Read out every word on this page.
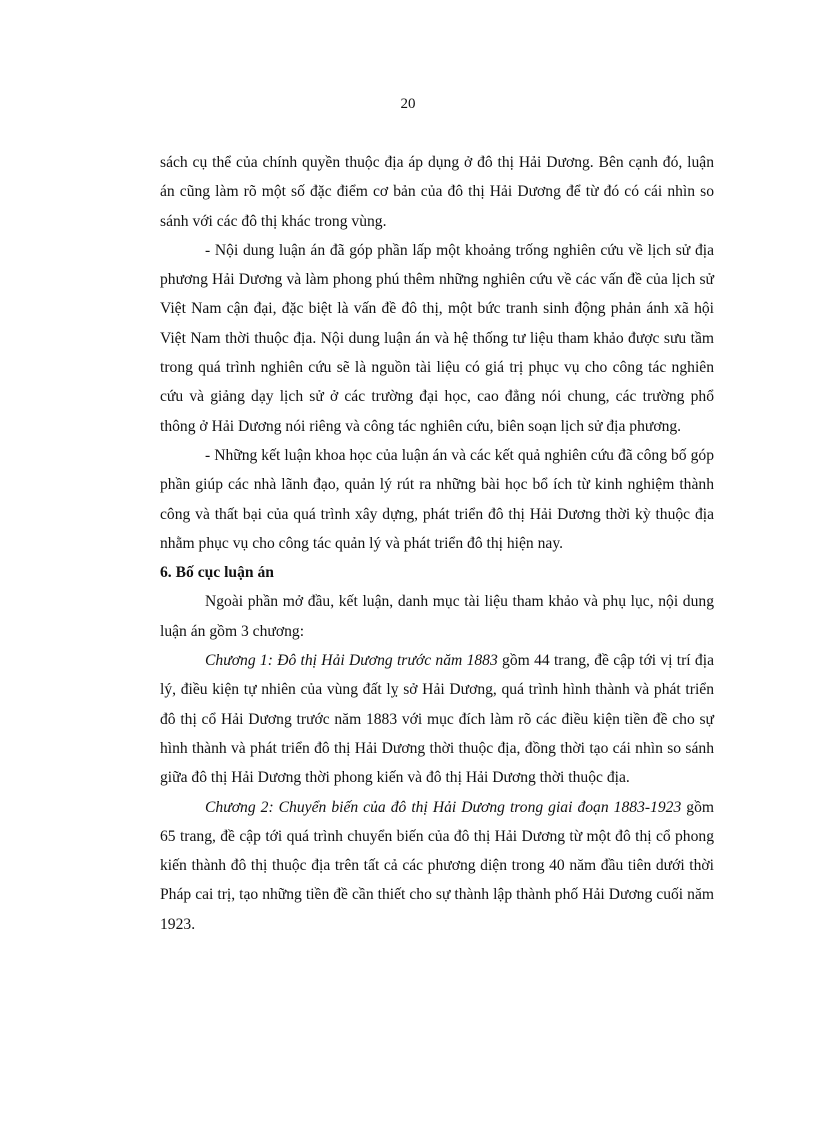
20

sách cụ thể của chính quyền thuộc địa áp dụng ở đô thị Hải Dương. Bên cạnh đó, luận án cũng làm rõ một số đặc điểm cơ bản của đô thị Hải Dương để từ đó có cái nhìn so sánh với các đô thị khác trong vùng.

- Nội dung luận án đã góp phần lấp một khoảng trống nghiên cứu về lịch sử địa phương Hải Dương và làm phong phú thêm những nghiên cứu về các vấn đề của lịch sử Việt Nam cận đại, đặc biệt là vấn đề đô thị, một bức tranh sinh động phản ánh xã hội Việt Nam thời thuộc địa. Nội dung luận án và hệ thống tư liệu tham khảo được sưu tầm trong quá trình nghiên cứu sẽ là nguồn tài liệu có giá trị phục vụ cho công tác nghiên cứu và giảng dạy lịch sử ở các trường đại học, cao đẳng nói chung, các trường phổ thông ở Hải Dương nói riêng và công tác nghiên cứu, biên soạn lịch sử địa phương.

- Những kết luận khoa học của luận án và các kết quả nghiên cứu đã công bố góp phần giúp các nhà lãnh đạo, quản lý rút ra những bài học bổ ích từ kinh nghiệm thành công và thất bại của quá trình xây dựng, phát triển đô thị Hải Dương thời kỳ thuộc địa nhằm phục vụ cho công tác quản lý và phát triển đô thị hiện nay.

6. Bố cục luận án

Ngoài phần mở đầu, kết luận, danh mục tài liệu tham khảo và phụ lục, nội dung luận án gồm 3 chương:

Chương 1: Đô thị Hải Dương trước năm 1883 gồm 44 trang, đề cập tới vị trí địa lý, điều kiện tự nhiên của vùng đất lỵ sở Hải Dương, quá trình hình thành và phát triển đô thị cổ Hải Dương trước năm 1883 với mục đích làm rõ các điều kiện tiền đề cho sự hình thành và phát triển đô thị Hải Dương thời thuộc địa, đồng thời tạo cái nhìn so sánh giữa đô thị Hải Dương thời phong kiến và đô thị Hải Dương thời thuộc địa.

Chương 2: Chuyển biến của đô thị Hải Dương trong giai đoạn 1883-1923 gồm 65 trang, đề cập tới quá trình chuyển biến của đô thị Hải Dương từ một đô thị cổ phong kiến thành đô thị thuộc địa trên tất cả các phương diện trong 40 năm đầu tiên dưới thời Pháp cai trị, tạo những tiền đề cần thiết cho sự thành lập thành phố Hải Dương cuối năm 1923.
